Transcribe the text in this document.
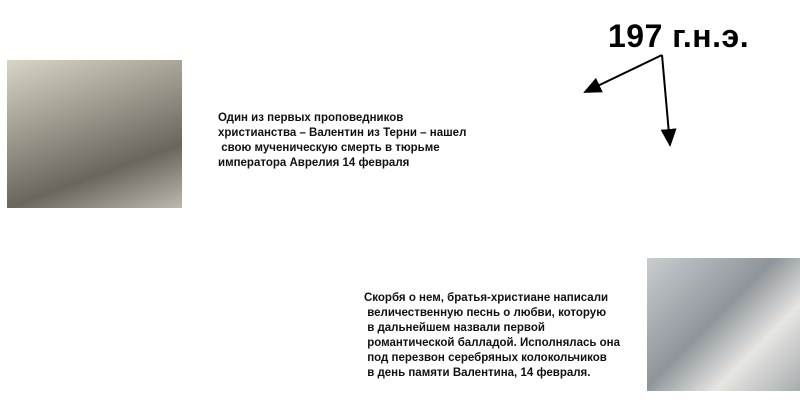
197 г.н.э.
Один из первых проповедников
христианства – Валентин из Терни – нашел
свою мученическую смерть в тюрьме
императора Аврелия 14 февраля
Скорбя о нем, братья-христиане написали
величественную песнь о любви, которую
в дальнейшем назвали первой
романтической балладой. Исполнялась она
под перезвон серебряных колокольчиков
в день памяти Валентина, 14 февраля.
